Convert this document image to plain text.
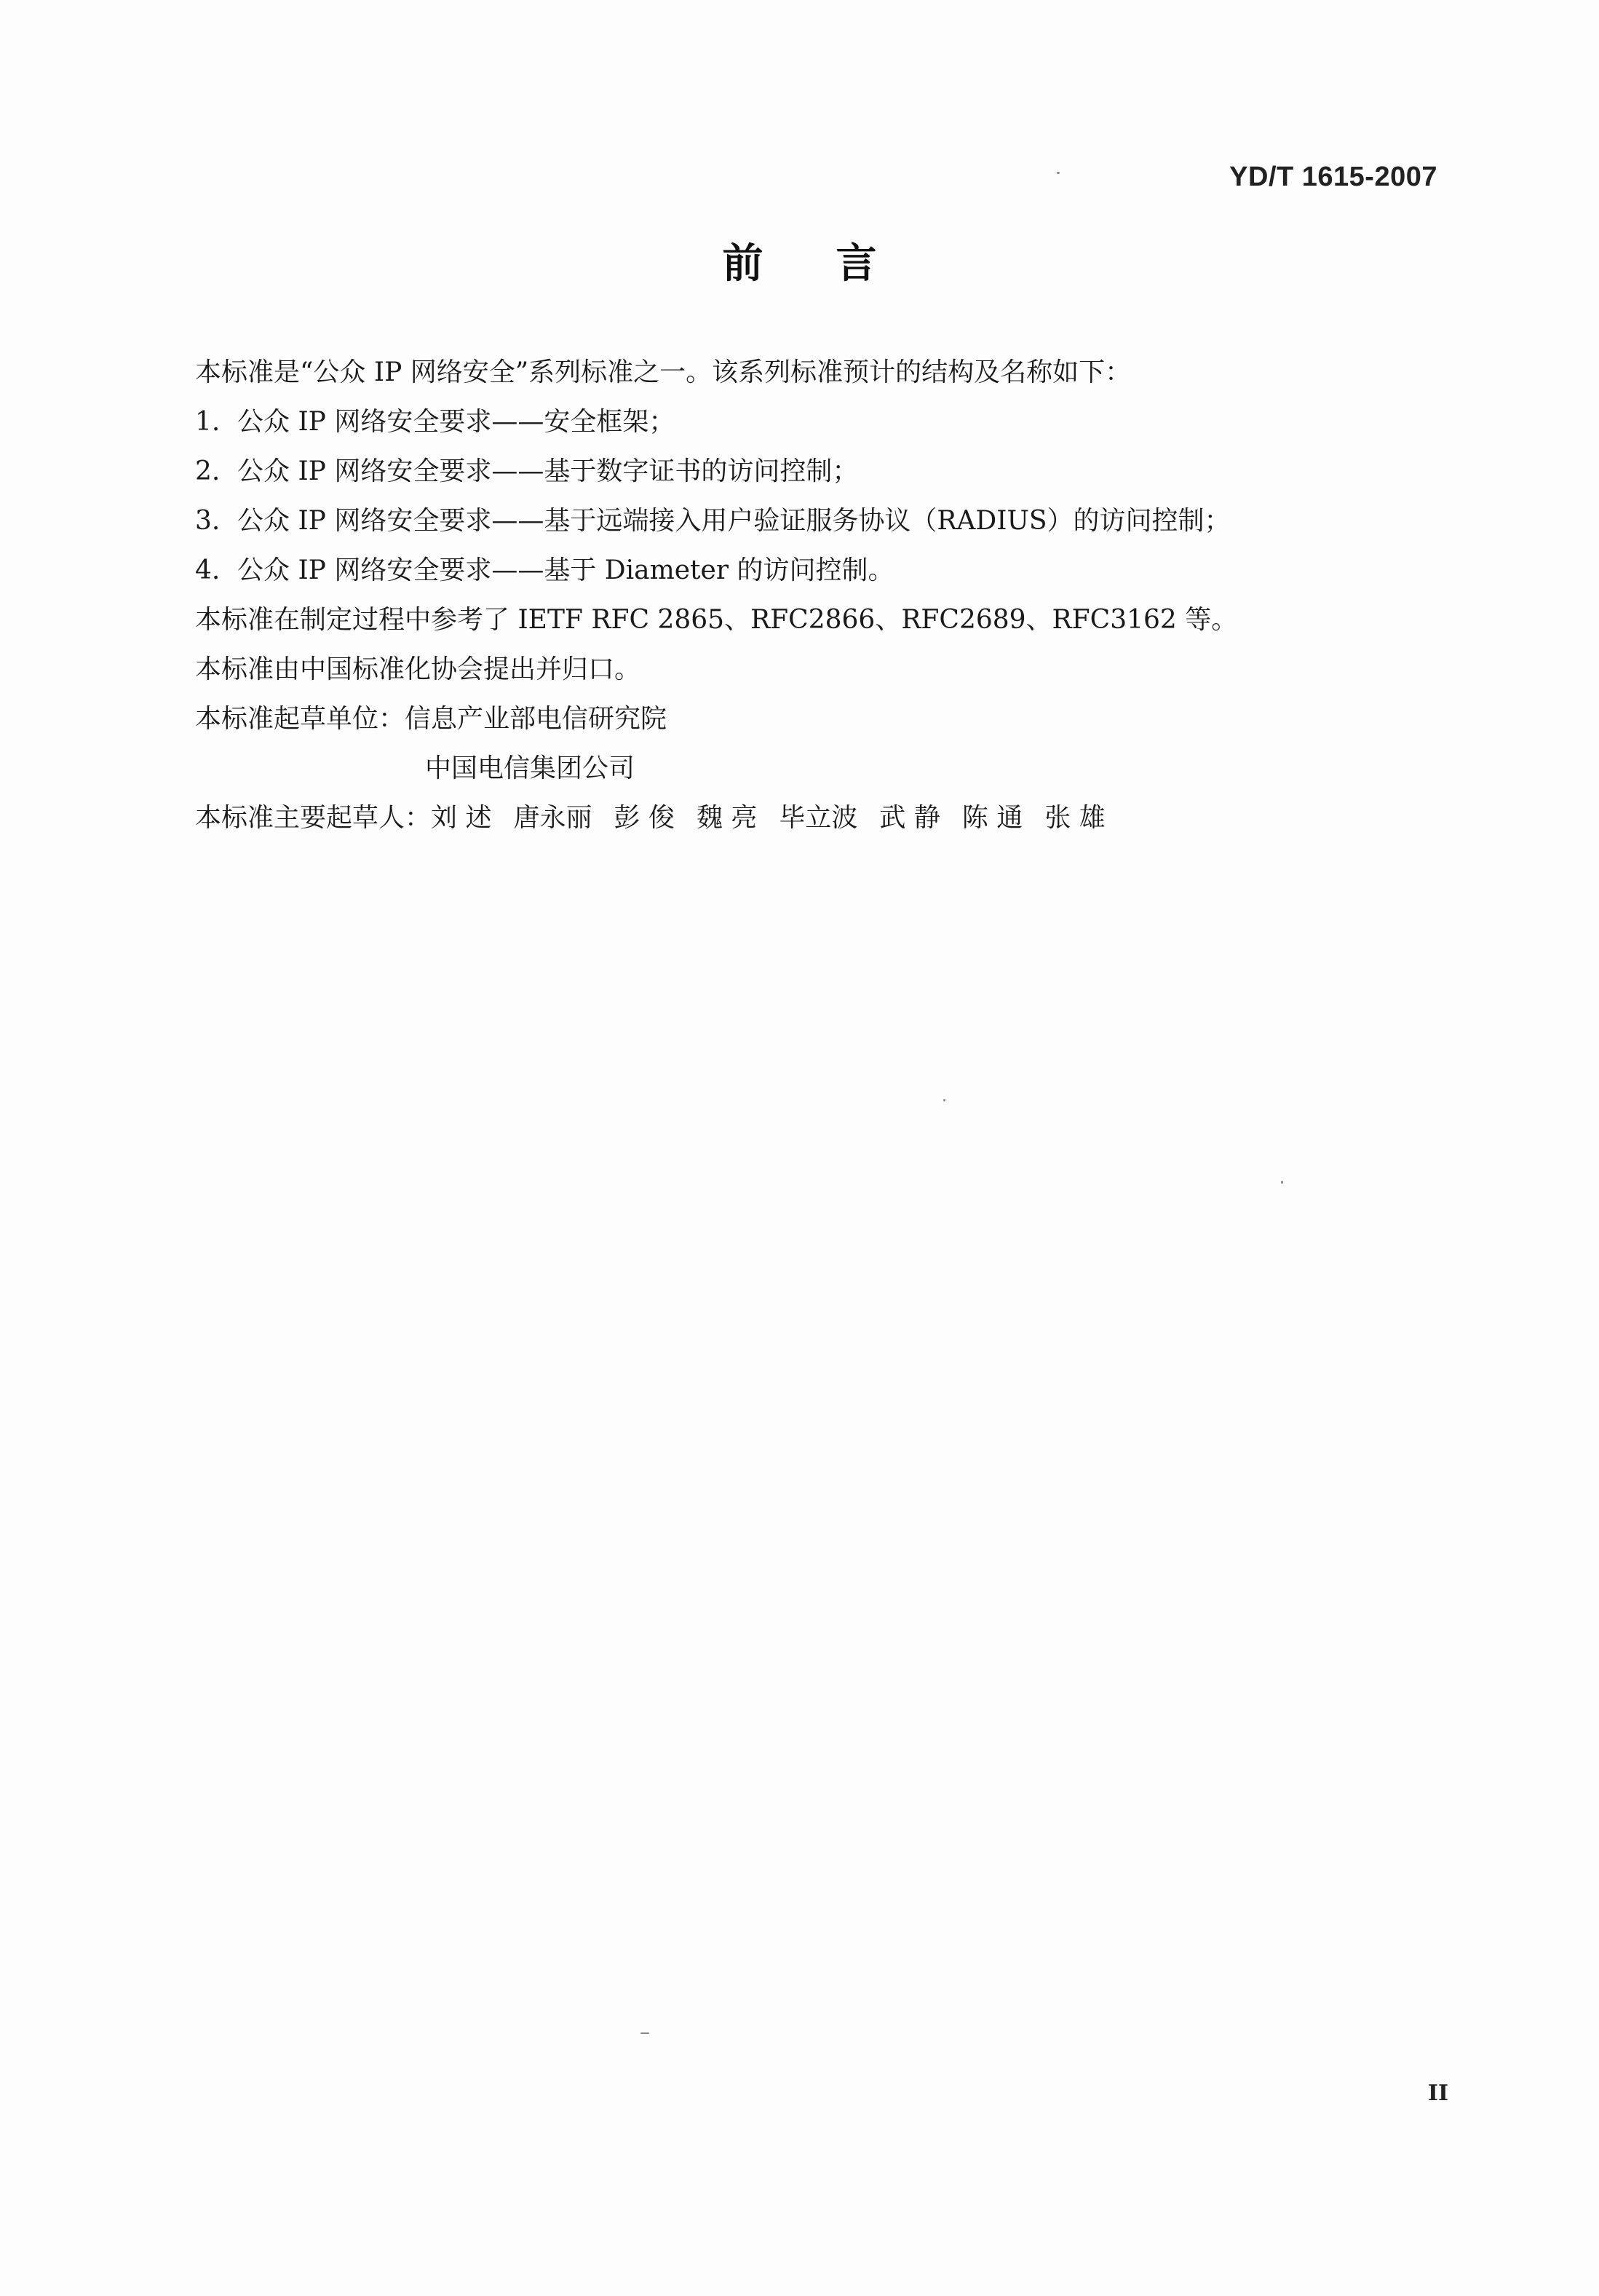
YD/T 1615-2007
前言
本标准是“公众 IP 网络安全”系列标准之一。该系列标准预计的结构及名称如下：
1. 公众 IP 网络安全要求——安全框架；
2. 公众 IP 网络安全要求——基于数字证书的访问控制；
3. 公众 IP 网络安全要求——基于远端接入用户验证服务协议（RADIUS）的访问控制；
4. 公众 IP 网络安全要求——基于 Diameter 的访问控制。
本标准在制定过程中参考了 IETF RFC 2865、RFC2866、RFC2689、RFC3162 等。
本标准由中国标准化协会提出并归口。
本标准起草单位：信息产业部电信研究院
中国电信集团公司
本标准主要起草人：刘 述 唐永丽 彭 俊 魏 亮 毕立波 武 静 陈 通 张 雄
II
